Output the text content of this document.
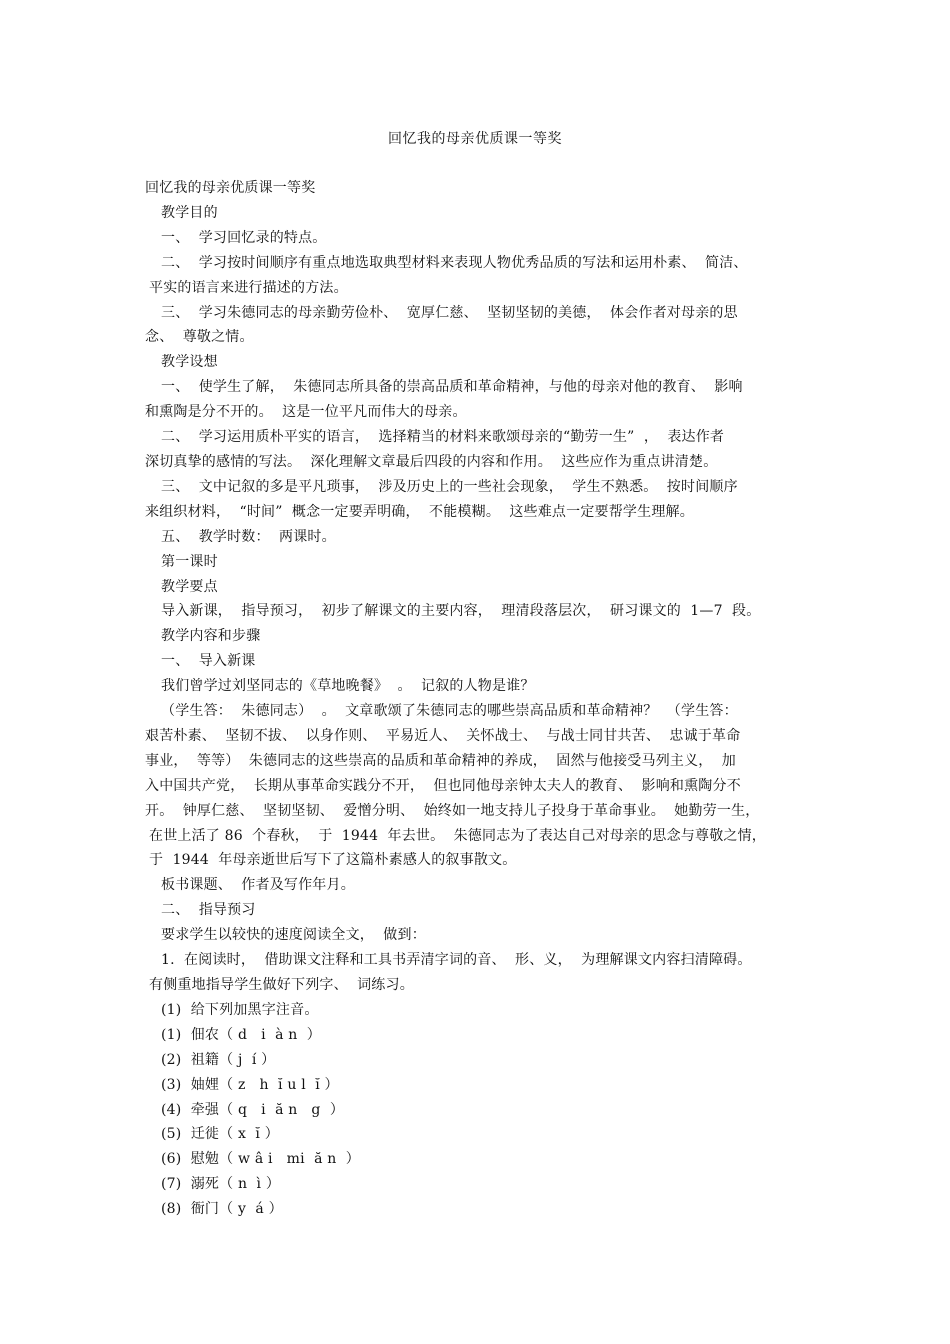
回忆我的母亲优质课一等奖
回忆我的母亲优质课一等奖
教学目的
一、  学习回忆录的特点。
二、  学习按时间顺序有重点地选取典型材料来表现人物优秀品质的写法和运用朴素、  简洁、
平实的语言来进行描述的方法。
三、  学习朱德同志的母亲勤劳俭朴、  宽厚仁慈、  坚韧坚韧的美德，  体会作者对母亲的思
念、  尊敬之情。
教学设想
一、  使学生了解，  朱德同志所具备的崇高品质和革命精神，与他的母亲对他的教育、  影响
和熏陶是分不开的。  这是一位平凡而伟大的母亲。
二、  学习运用质朴平实的语言，  选择精当的材料来歌颂母亲的“勤劳一生”  ，  表达作者
深切真挚的感情的写法。  深化理解文章最后四段的内容和作用。  这些应作为重点讲清楚。
三、  文中记叙的多是平凡琐事，  涉及历史上的一些社会现象，  学生不熟悉。  按时间顺序
来组织材料，  “时间”  概念一定要弄明确，  不能模糊。  这些难点一定要帮学生理解。
五、  教学时数：  两课时。
第一课时
教学要点
导入新课，  指导预习，  初步了解课文的主要内容，  理清段落层次，  研习课文的  1—7  段。
教学内容和步骤
一、  导入新课
我们曾学过刘坚同志的《草地晚餐》  。  记叙的人物是谁？
（学生答：  朱德同志）  。  文章歌颂了朱德同志的哪些崇高品质和革命精神？  （学生答：
艰苦朴素、  坚韧不拔、  以身作则、  平易近人、  关怀战士、  与战士同甘共苦、  忠诚于革命
事业，  等等）  朱德同志的这些崇高的品质和革命精神的养成，  固然与他接受马列主义，  加
入中国共产党，  长期从事革命实践分不开，  但也同他母亲钟太夫人的教育、  影响和熏陶分不
开。  钟厚仁慈、  坚韧坚韧、  爱憎分明、  始终如一地支持儿子投身于革命事业。  她勤劳一生，
在世上活了 86  个春秋，  于  1944  年去世。  朱德同志为了表达自己对母亲的思念与尊敬之情，
于  1944  年母亲逝世后写下了这篇朴素感人的叙事散文。
板书课题、  作者及写作年月。
二、  指导预习
要求学生以较快的速度阅读全文，  做到：
1.  在阅读时，  借助课文注释和工具书弄清字词的音、  形、义，  为理解课文内容扫清障碍。
有侧重地指导学生做好下列字、  词练习。
(1)  给下列加黑字注音。
(1)  佃农（ d   i  à n  ）
(2)  祖籍（ j  í ）
(3)  妯娌（ z   h  ĭ u l  ĭ ）
(4)  牵强（ q   i  ă n   g  ）
(5)  迁徙（ x  ĭ ）
(6)  慰勉（ w â i   mi  ă n  ）
(7)  溺死（ n  ì ）
(8)  衙门（ y  á ）
